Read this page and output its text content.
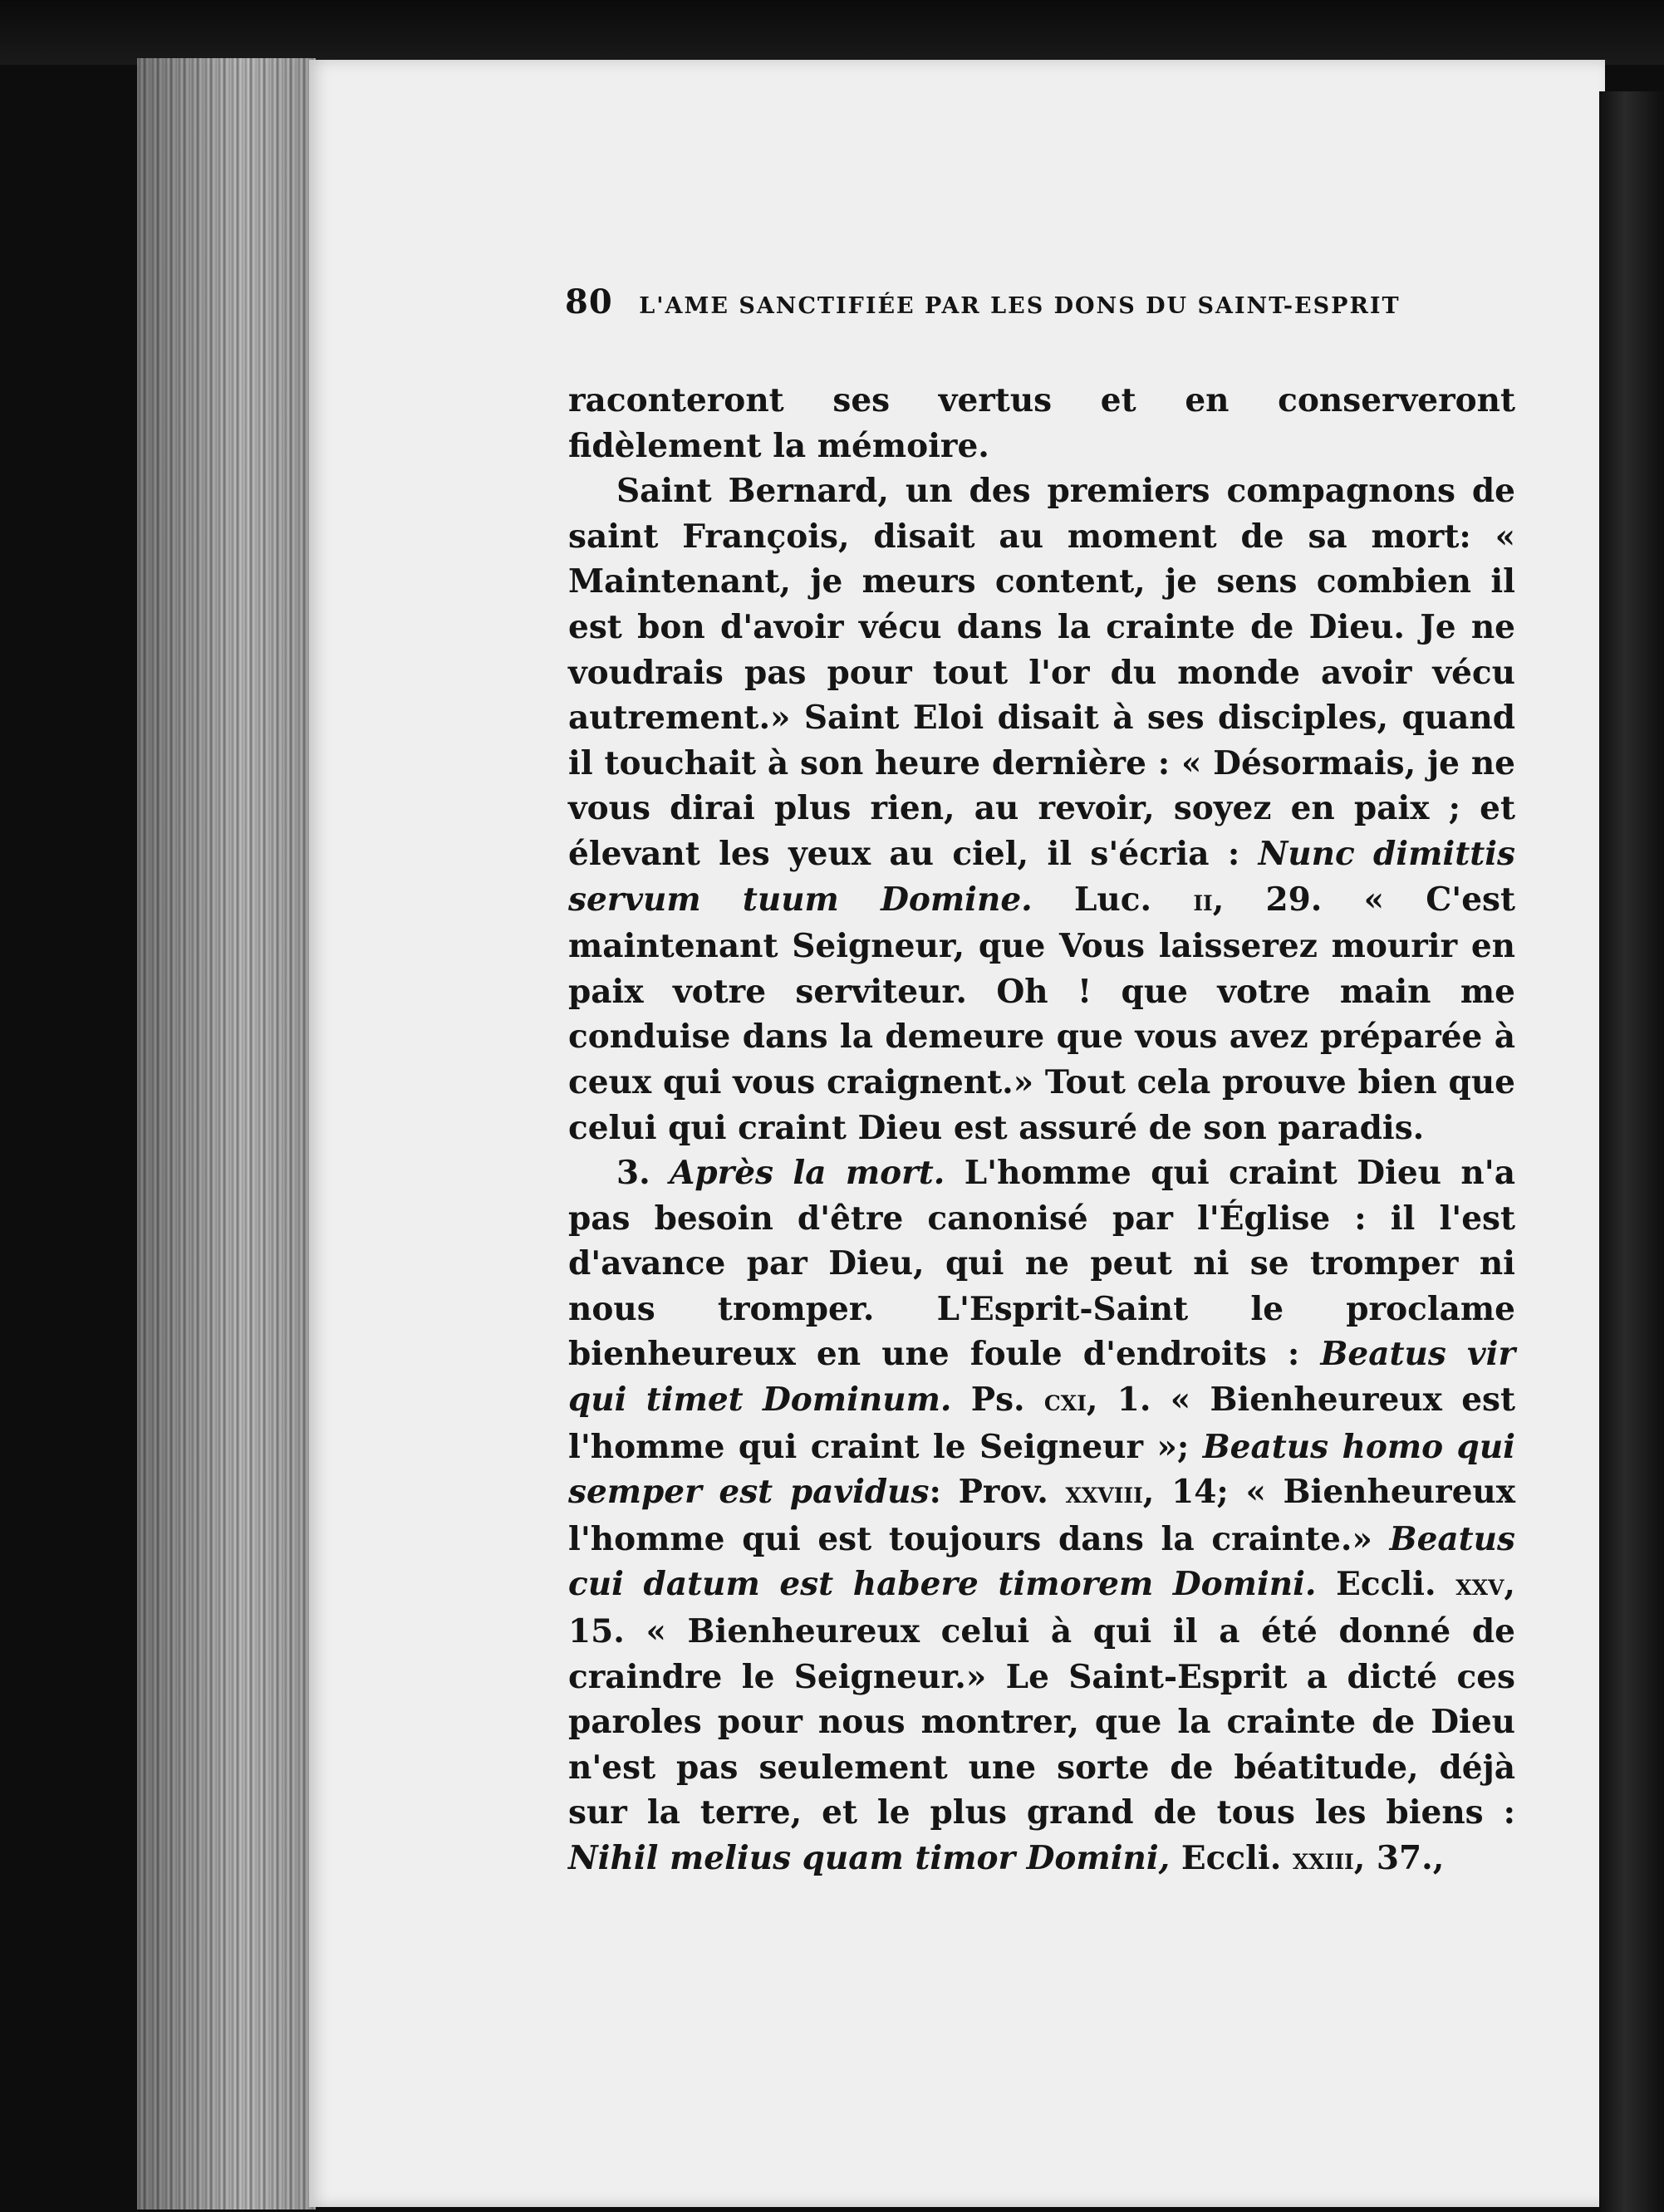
80 L'AME SANCTIFIÉE PAR LES DONS DU SAINT-ESPRIT

raconteront ses vertus et en conserveront fidèlement la mémoire.

Saint Bernard, un des premiers compagnons de saint François, disait au moment de sa mort: « Maintenant, je meurs content, je sens combien il est bon d'avoir vécu dans la crainte de Dieu. Je ne voudrais pas pour tout l'or du monde avoir vécu autrement.» Saint Eloi disait à ses disciples, quand il touchait à son heure dernière : « Désormais, je ne vous dirai plus rien, au revoir, soyez en paix ; et élevant les yeux au ciel, il s'écria : Nunc dimittis servum tuum Domine. Luc. ii, 29. « C'est maintenant Seigneur, que Vous laisserez mourir en paix votre serviteur. Oh ! que votre main me conduise dans la demeure que vous avez préparée à ceux qui vous craignent.» Tout cela prouve bien que celui qui craint Dieu est assuré de son paradis.

3. Après la mort. L'homme qui craint Dieu n'a pas besoin d'être canonisé par l'Église : il l'est d'avance par Dieu, qui ne peut ni se tromper ni nous tromper. L'Esprit-Saint le proclame bienheureux en une foule d'endroits : Beatus vir qui timet Dominum. Ps. cxi, 1. « Bienheureux est l'homme qui craint le Seigneur »; Beatus homo qui semper est pavidus: Prov. xxviii, 14; « Bienheureux l'homme qui est toujours dans la crainte.» Beatus cui datum est habere timorem Domini. Eccli. xxv, 15. « Bienheureux celui à qui il a été donné de craindre le Seigneur.» Le Saint-Esprit a dicté ces paroles pour nous montrer, que la crainte de Dieu n'est pas seulement une sorte de béatitude, déjà sur la terre, et le plus grand de tous les biens : Nihil melius quam timor Domini, Eccli. xxiii, 37.,
